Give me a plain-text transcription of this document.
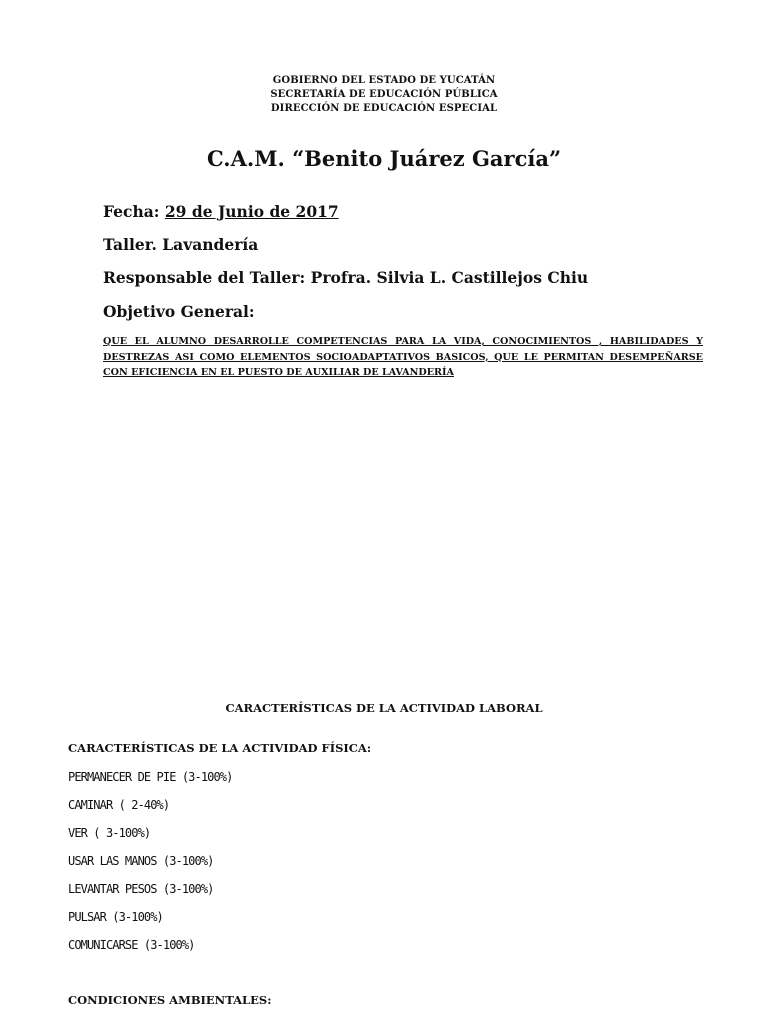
GOBIERNO DEL ESTADO DE YUCATÁN
SECRETARÍA DE EDUCACIÓN PÚBLICA
DIRECCIÓN DE EDUCACIÓN ESPECIAL
C.A.M. “Benito Juárez García”
Fecha: 29 de Junio de 2017
Taller. Lavandería
Responsable del Taller: Profra. Silvia L. Castillejos Chiu
Objetivo General:
QUE EL ALUMNO DESARROLLE COMPETENCIAS PARA LA VIDA, CONOCIMIENTOS , HABILIDADES Y DESTREZAS ASI COMO ELEMENTOS SOCIOADAPTATIVOS BASICOS, QUE LE PERMITAN DESEMPEÑARSE CON EFICIENCIA EN EL PUESTO DE AUXILIAR DE LAVANDERÍA
CARACTERÍSTICAS DE LA ACTIVIDAD LABORAL
CARACTERÍSTICAS DE LA ACTIVIDAD FÍSICA:
PERMANECER DE PIE (3-100%)
CAMINAR ( 2-40%)
VER ( 3-100%)
USAR LAS MANOS (3-100%)
LEVANTAR PESOS (3-100%)
PULSAR (3-100%)
COMUNICARSE (3-100%)
CONDICIONES AMBIENTALES:
